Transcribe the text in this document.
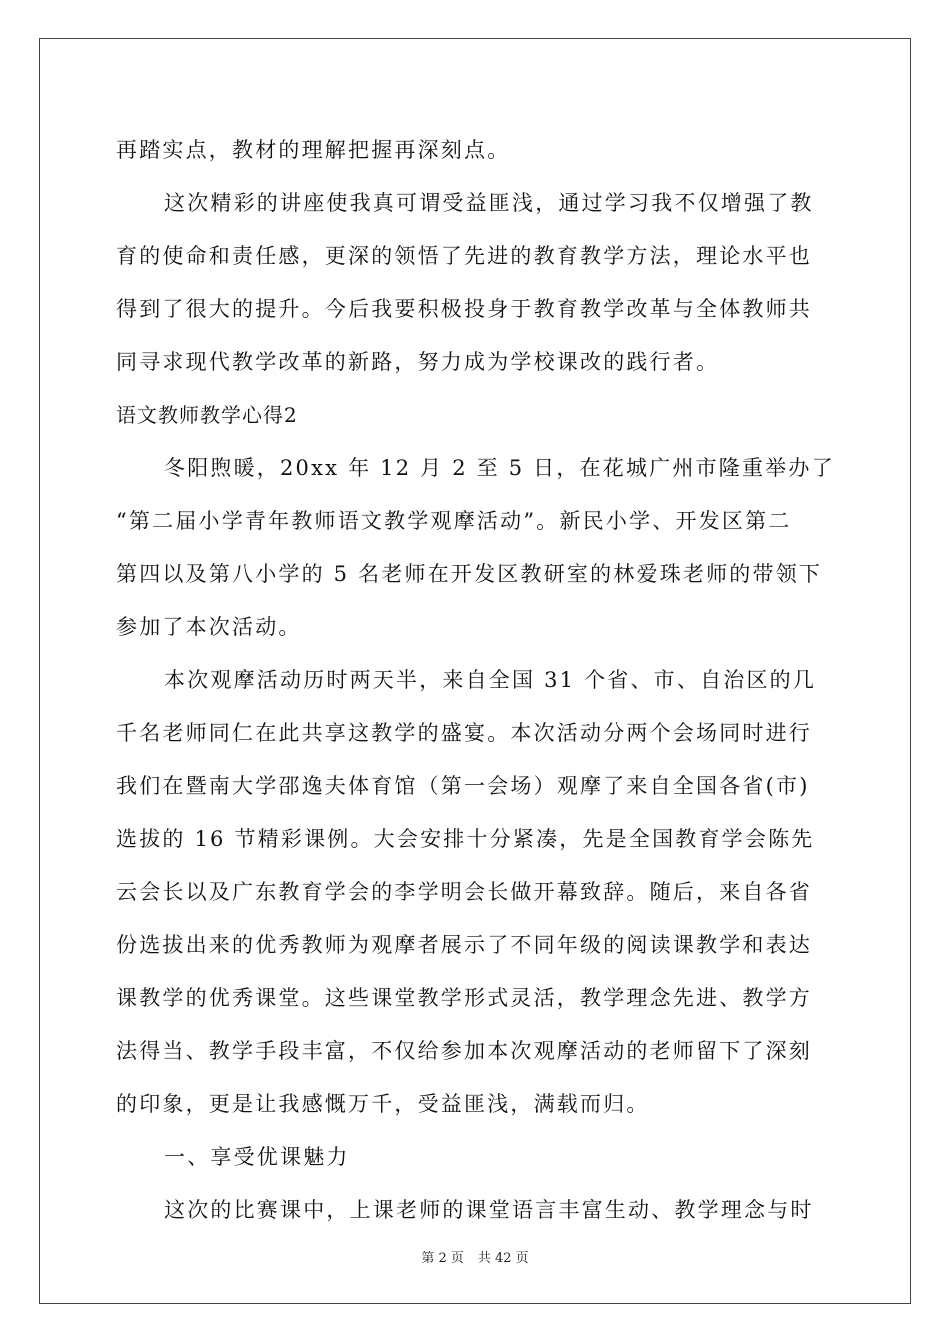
再踏实点，教材的理解把握再深刻点。
这次精彩的讲座使我真可谓受益匪浅，通过学习我不仅增强了教
育的使命和责任感，更深的领悟了先进的教育教学方法，理论水平也
得到了很大的提升。今后我要积极投身于教育教学改革与全体教师共
同寻求现代教学改革的新路，努力成为学校课改的践行者。
语文教师教学心得2
冬阳煦暖，20xx 年 12 月 2 至 5 日，在花城广州市隆重举办了
“第二届小学青年教师语文教学观摩活动”。新民小学、开发区第二
第四以及第八小学的 5 名老师在开发区教研室的林爱珠老师的带领下
参加了本次活动。
本次观摩活动历时两天半，来自全国 31 个省、市、自治区的几
千名老师同仁在此共享这教学的盛宴。本次活动分两个会场同时进行
我们在暨南大学邵逸夫体育馆（第一会场）观摩了来自全国各省(市)
选拔的 16 节精彩课例。大会安排十分紧凑，先是全国教育学会陈先
云会长以及广东教育学会的李学明会长做开幕致辞。随后，来自各省
份选拔出来的优秀教师为观摩者展示了不同年级的阅读课教学和表达
课教学的优秀课堂。这些课堂教学形式灵活，教学理念先进、教学方
法得当、教学手段丰富，不仅给参加本次观摩活动的老师留下了深刻
的印象，更是让我感慨万千，受益匪浅，满载而归。
一、享受优课魅力
这次的比赛课中，上课老师的课堂语言丰富生动、教学理念与时
第 2 页 共 42 页
